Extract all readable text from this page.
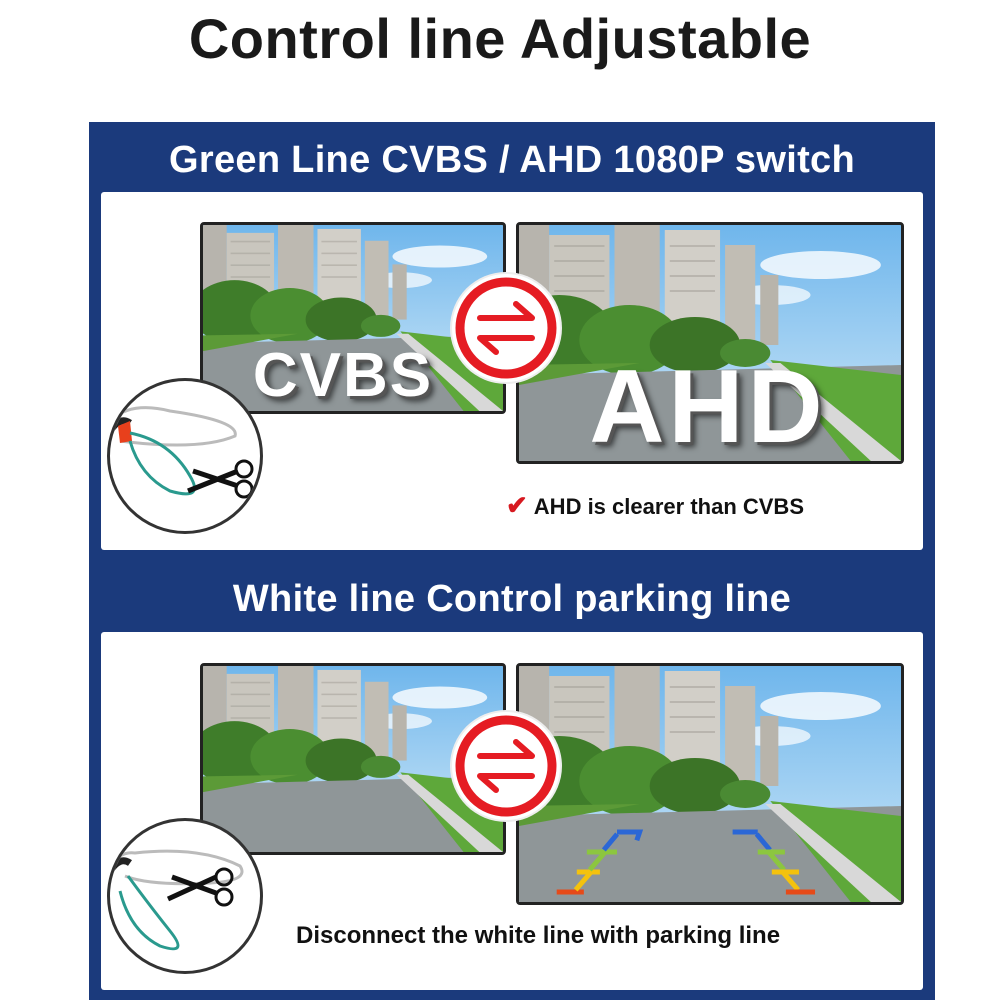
Control line Adjustable
Green Line CVBS / AHD 1080P switch
White line Control parking line
CVBS AHD
✔ AHD is clearer than CVBS
Disconnect the white line with parking line
